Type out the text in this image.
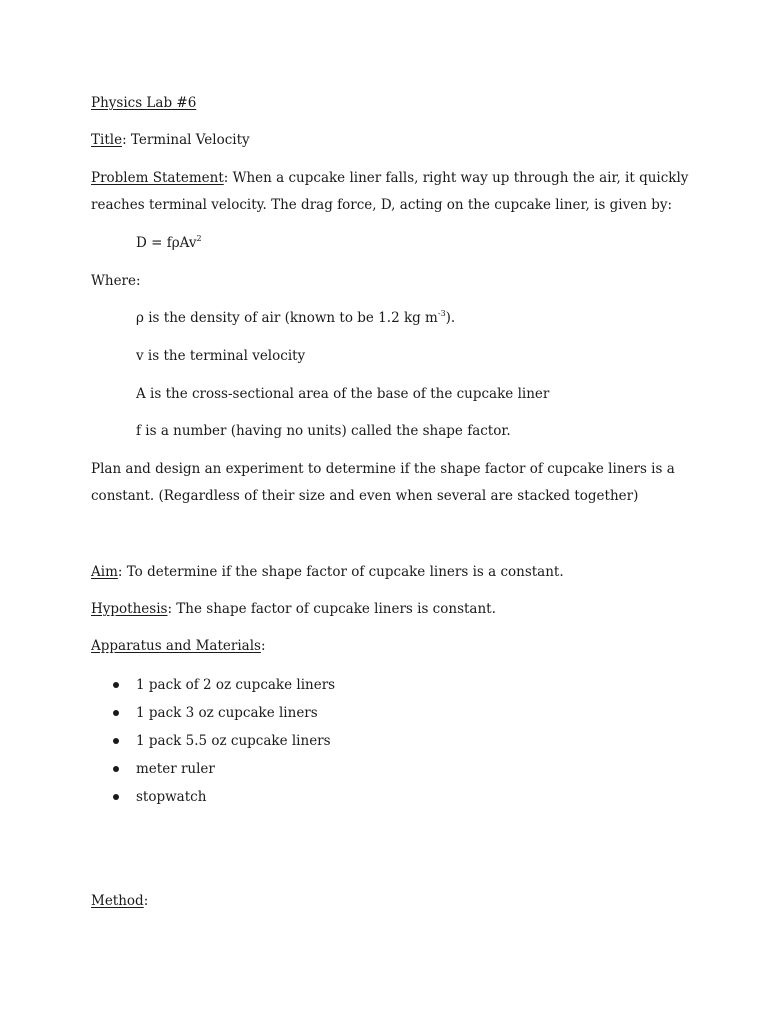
Physics Lab #6
Title: Terminal Velocity
Problem Statement: When a cupcake liner falls, right way up through the air, it quickly
reaches terminal velocity. The drag force, D, acting on the cupcake liner, is given by:
D = fρAv$^2$
Where:
ρ is the density of air (known to be 1.2 kg $m^{-3}$).
v is the terminal velocity
A is the cross-sectional area of the base of the cupcake liner
f is a number (having no units) called the shape factor.
Plan and design an experiment to determine if the shape factor of cupcake liners is a
constant. (Regardless of their size and even when several are stacked together)
Aim: To determine if the shape factor of cupcake liners is a constant.
Hypothesis: The shape factor of cupcake liners is constant.
Apparatus and Materials:
1 pack of 2 oz cupcake liners
1 pack 3 oz cupcake liners
1 pack 5.5 oz cupcake liners
meter ruler
stopwatch
Method:
